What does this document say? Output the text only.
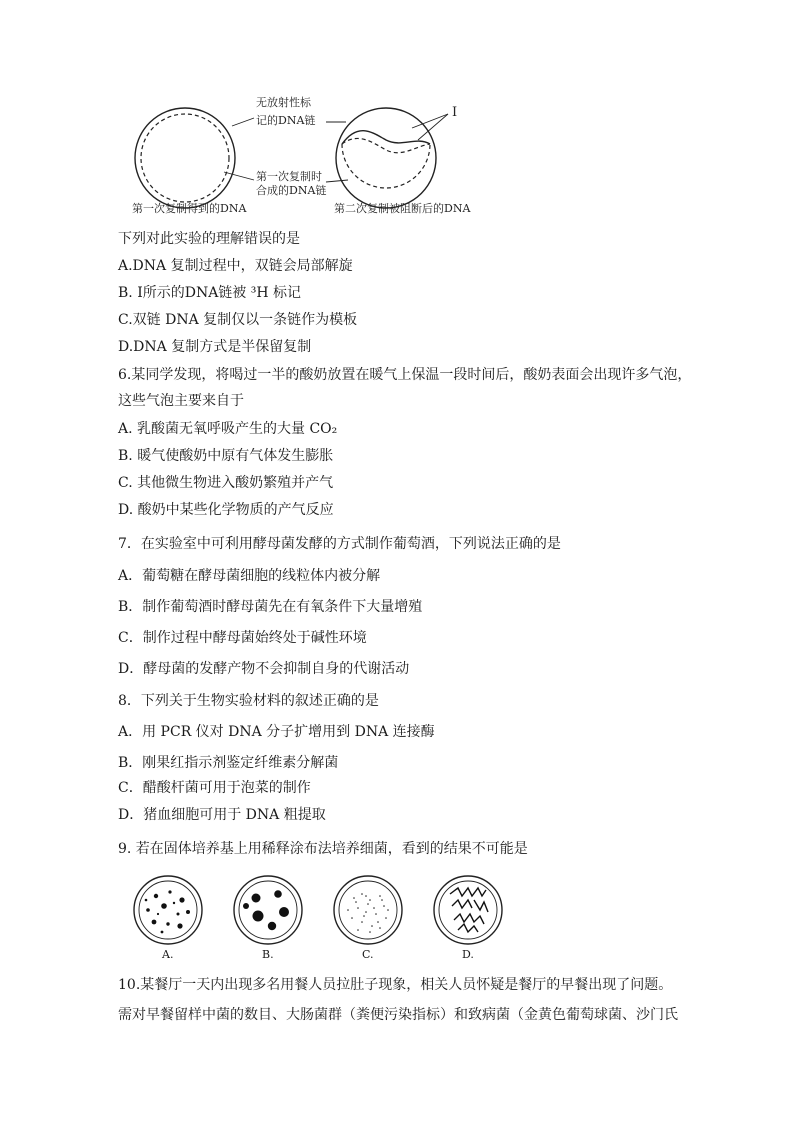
无放射性标
记的DNA链
第一次复制时
合成的DNA链
Ⅰ
第一次复制得到的DNA	第二次复制被阻断后的DNA
下列对此实验的理解错误的是
A.DNA 复制过程中，双链会局部解旋
B. Ⅰ所示的DNA链被 ³H 标记
C.双链 DNA 复制仅以一条链作为模板
D.DNA 复制方式是半保留复制
6.某同学发现，将喝过一半的酸奶放置在暖气上保温一段时间后，酸奶表面会出现许多气泡，
这些气泡主要来自于
A. 乳酸菌无氧呼吸产生的大量 CO₂
B. 暖气使酸奶中原有气体发生膨胀
C. 其他微生物进入酸奶繁殖并产气
D. 酸奶中某些化学物质的产气反应
7．在实验室中可利用酵母菌发酵的方式制作葡萄酒，下列说法正确的是
A．葡萄糖在酵母菌细胞的线粒体内被分解
B．制作葡萄酒时酵母菌先在有氧条件下大量增殖
C．制作过程中酵母菌始终处于碱性环境
D．酵母菌的发酵产物不会抑制自身的代谢活动
8．下列关于生物实验材料的叙述正确的是
A．用 PCR 仪对 DNA 分子扩增用到 DNA 连接酶
B．刚果红指示剂鉴定纤维素分解菌
C．醋酸杆菌可用于泡菜的制作
D．猪血细胞可用于 DNA 粗提取
9. 若在固体培养基上用稀释涂布法培养细菌，看到的结果不可能是
A.	B.	C.	D.
10.某餐厅一天内出现多名用餐人员拉肚子现象，相关人员怀疑是餐厅的早餐出现了问题。
需对早餐留样中菌的数目、大肠菌群（粪便污染指标）和致病菌（金黄色葡萄球菌、沙门氏
